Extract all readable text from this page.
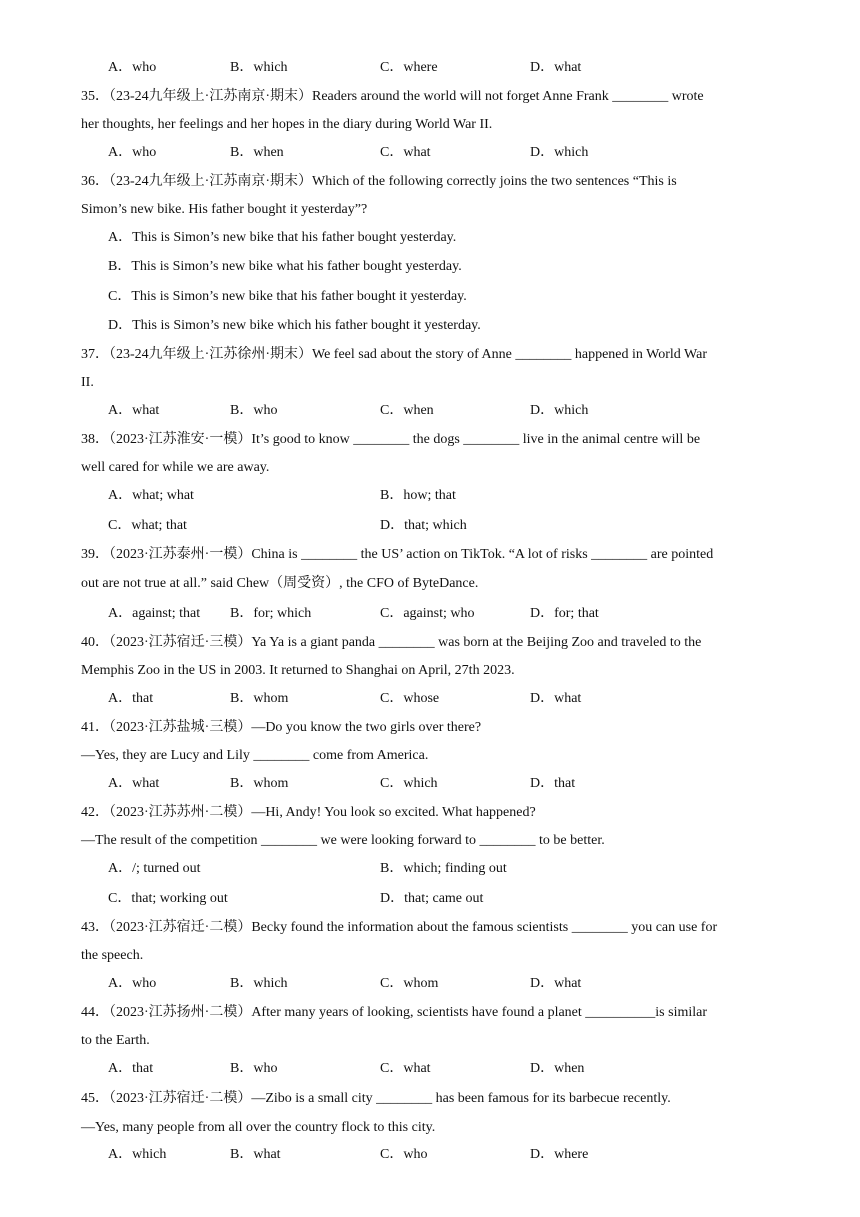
A．who	B．which	C．where	D．what
35．（23-24九年级上·江苏南京·期末）Readers around the world will not forget Anne Frank ________ wrote
her thoughts, her feelings and her hopes in the diary during World War II.
A．who	B．when	C．what	D．which
36．（23-24九年级上·江苏南京·期末）Which of the following correctly joins the two sentences “This is
Simon’s new bike. His father bought it yesterday”?
A．This is Simon’s new bike that his father bought yesterday.
B．This is Simon’s new bike what his father bought yesterday.
C．This is Simon’s new bike that his father bought it yesterday.
D．This is Simon’s new bike which his father bought it yesterday.
37．（23-24九年级上·江苏徐州·期末）We feel sad about the story of Anne ________ happened in World War
II.
A．what	B．who	C．when	D．which
38．（2023·江苏淮安·一模）It’s good to know ________ the dogs ________ live in the animal centre will be
well cared for while we are away.
A．what; what	B．how; that
C．what; that	D．that; which
39．（2023·江苏泰州·一模）China is ________ the US’ action on TikTok. “A lot of risks ________ are pointed
out are not true at all.” said Chew（周受资）, the CFO of ByteDance.
A．against; that B．for; which	C．against; who	D．for; that
40．（2023·江苏宿迁·三模）Ya Ya is a giant panda ________ was born at the Beijing Zoo and traveled to the
Memphis Zoo in the US in 2003. It returned to Shanghai on April, 27th 2023.
A．that	B．whom	C．whose	D．what
41．（2023·江苏盐城·三模）—Do you know the two girls over there?
—Yes, they are Lucy and Lily ________ come from America.
A．what	B．whom	C．which	D．that
42．（2023·江苏苏州·二模）—Hi, Andy! You look so excited. What happened?
—The result of the competition ________ we were looking forward to ________ to be better.
A．/; turned out	B．which; finding out
C．that; working out	D．that; came out
43．（2023·江苏宿迁·二模）Becky found the information about the famous scientists ________ you can use for
the speech.
A．who	B．which	C．whom	D．what
44．（2023·江苏扬州·二模）After many years of looking, scientists have found a planet __________is similar
to the Earth.
A．that	B．who	C．what	D．when
45．（2023·江苏宿迁·二模）—Zibo is a small city ________ has been famous for its barbecue recently.
—Yes, many people from all over the country flock to this city.
A．which	B．what	C．who	D．where
